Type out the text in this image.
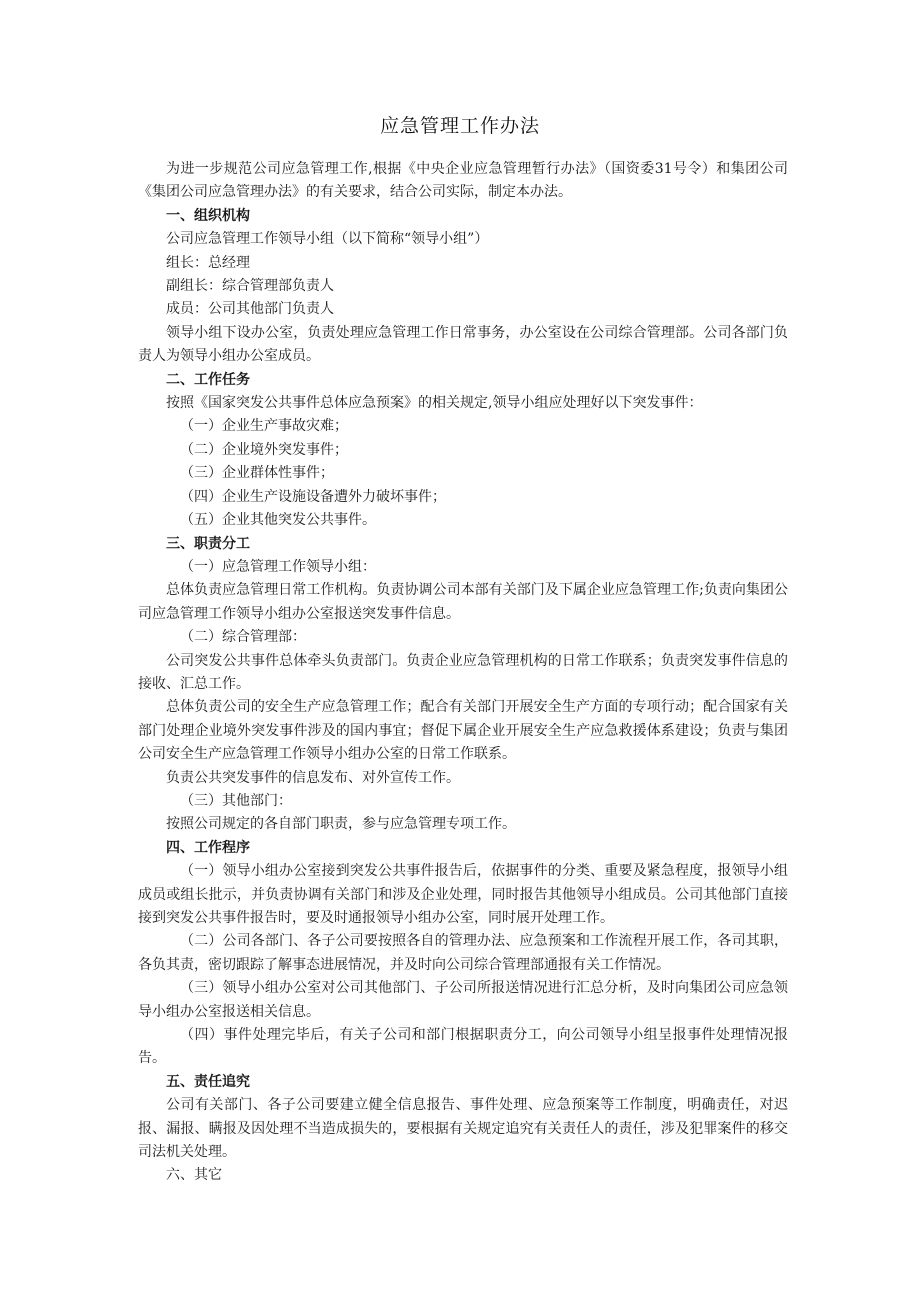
应急管理工作办法

为进一步规范公司应急管理工作,根据《中央企业应急管理暂行办法》（国资委31号令）和集团公司《集团公司应急管理办法》的有关要求，结合公司实际，制定本办法。

一、组织机构

公司应急管理工作领导小组（以下简称“领导小组”）

组长：总经理

副组长：综合管理部负责人

成员：公司其他部门负责人

领导小组下设办公室，负责处理应急管理工作日常事务，办公室设在公司综合管理部。公司各部门负责人为领导小组办公室成员。

二、工作任务

按照《国家突发公共事件总体应急预案》的相关规定,领导小组应处理好以下突发事件：

（一）企业生产事故灾难；

（二）企业境外突发事件；

（三）企业群体性事件；

（四）企业生产设施设备遭外力破坏事件；

（五）企业其他突发公共事件。

三、职责分工

（一）应急管理工作领导小组：

总体负责应急管理日常工作机构。负责协调公司本部有关部门及下属企业应急管理工作;负责向集团公司应急管理工作领导小组办公室报送突发事件信息。

（二）综合管理部：

公司突发公共事件总体牵头负责部门。负责企业应急管理机构的日常工作联系；负责突发事件信息的接收、汇总工作。

总体负责公司的安全生产应急管理工作；配合有关部门开展安全生产方面的专项行动；配合国家有关部门处理企业境外突发事件涉及的国内事宜；督促下属企业开展安全生产应急救援体系建设；负责与集团公司安全生产应急管理工作领导小组办公室的日常工作联系。

负责公共突发事件的信息发布、对外宣传工作。

（三）其他部门：

按照公司规定的各自部门职责，参与应急管理专项工作。

四、工作程序

（一）领导小组办公室接到突发公共事件报告后，依据事件的分类、重要及紧急程度，报领导小组成员或组长批示，并负责协调有关部门和涉及企业处理，同时报告其他领导小组成员。公司其他部门直接接到突发公共事件报告时，要及时通报领导小组办公室，同时展开处理工作。

（二）公司各部门、各子公司要按照各自的管理办法、应急预案和工作流程开展工作，各司其职，各负其责，密切跟踪了解事态进展情况，并及时向公司综合管理部通报有关工作情况。

（三）领导小组办公室对公司其他部门、子公司所报送情况进行汇总分析，及时向集团公司应急领导小组办公室报送相关信息。

（四）事件处理完毕后，有关子公司和部门根据职责分工，向公司领导小组呈报事件处理情况报告。

五、责任追究

公司有关部门、各子公司要建立健全信息报告、事件处理、应急预案等工作制度，明确责任，对迟报、漏报、瞒报及因处理不当造成损失的，要根据有关规定追究有关责任人的责任，涉及犯罪案件的移交司法机关处理。

六、其它
